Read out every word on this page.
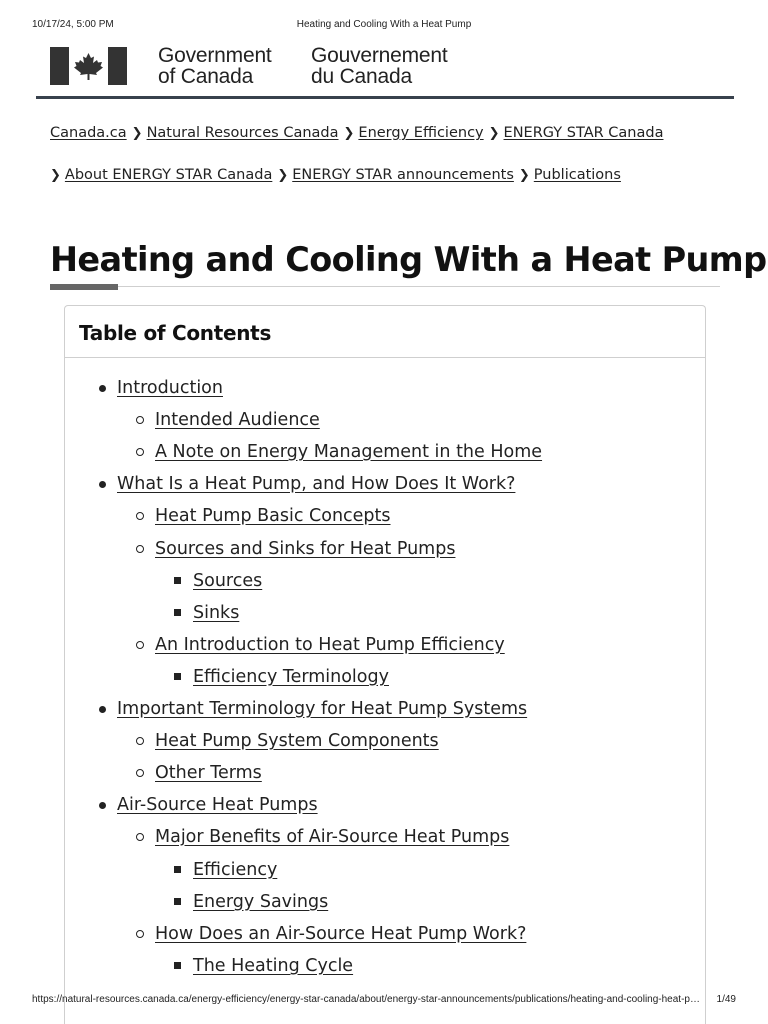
10/17/24, 5:00 PM	Heating and Cooling With a Heat Pump
Government
of Canada
Gouvernement
du Canada
Canada.ca ❯ Natural Resources Canada ❯ Energy Efficiency ❯ ENERGY STAR Canada
❯ About ENERGY STAR Canada ❯ ENERGY STAR announcements ❯ Publications
Heating and Cooling With a Heat Pump
Table of Contents
Introduction
Intended Audience
A Note on Energy Management in the Home
What Is a Heat Pump, and How Does It Work?
Heat Pump Basic Concepts
Sources and Sinks for Heat Pumps
Sources
Sinks
An Introduction to Heat Pump Efficiency
Efficiency Terminology
Important Terminology for Heat Pump Systems
Heat Pump System Components
Other Terms
Air-Source Heat Pumps
Major Benefits of Air-Source Heat Pumps
Efficiency
Energy Savings
How Does an Air-Source Heat Pump Work?
The Heating Cycle
https://natural-resources.canada.ca/energy-efficiency/energy-star-canada/about/energy-star-announcements/publications/heating-and-cooling-heat-p…	1/49
